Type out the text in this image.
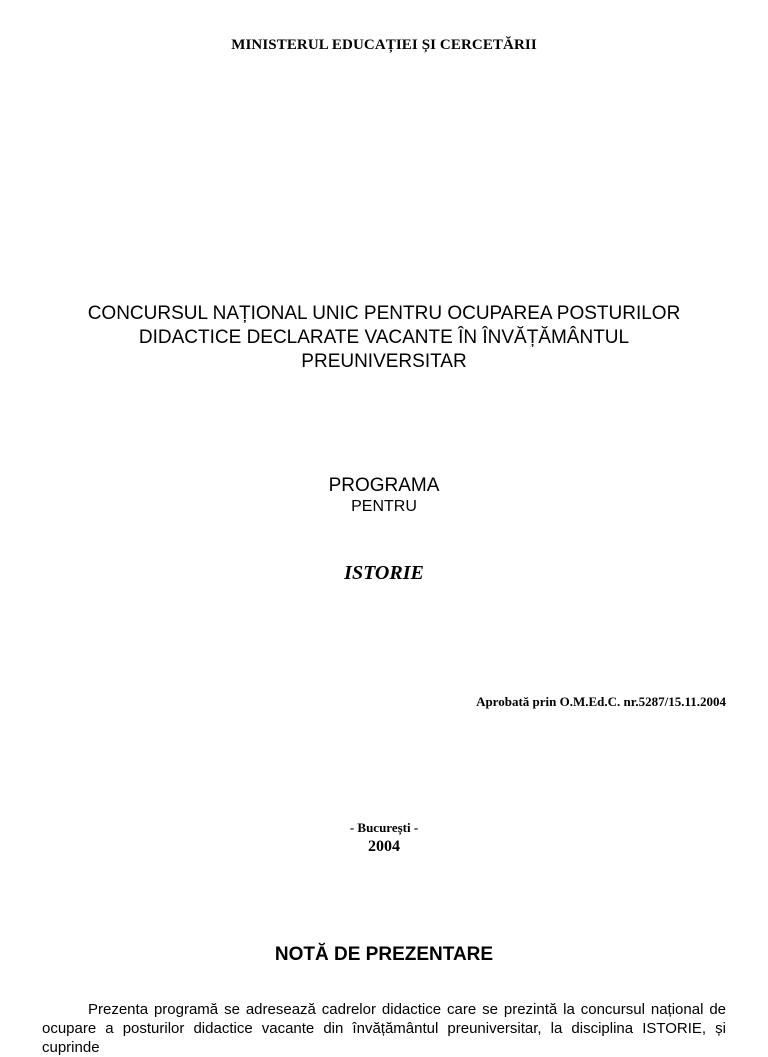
MINISTERUL EDUCAȚIEI ȘI CERCETĂRII
CONCURSUL NAȚIONAL UNIC PENTRU OCUPAREA POSTURILOR
DIDACTICE DECLARATE VACANTE ÎN ÎNVĂȚĂMÂNTUL
PREUNIVERSITAR
PROGRAMA
PENTRU
ISTORIE
Aprobată prin O.M.Ed.C. nr.5287/15.11.2004
- București -
2004
NOTĂ DE PREZENTARE
Prezenta programă se adresează cadrelor didactice care se prezintă la concursul național de ocupare a posturilor didactice vacante din învățământul preuniversitar, la disciplina ISTORIE, și cuprinde
